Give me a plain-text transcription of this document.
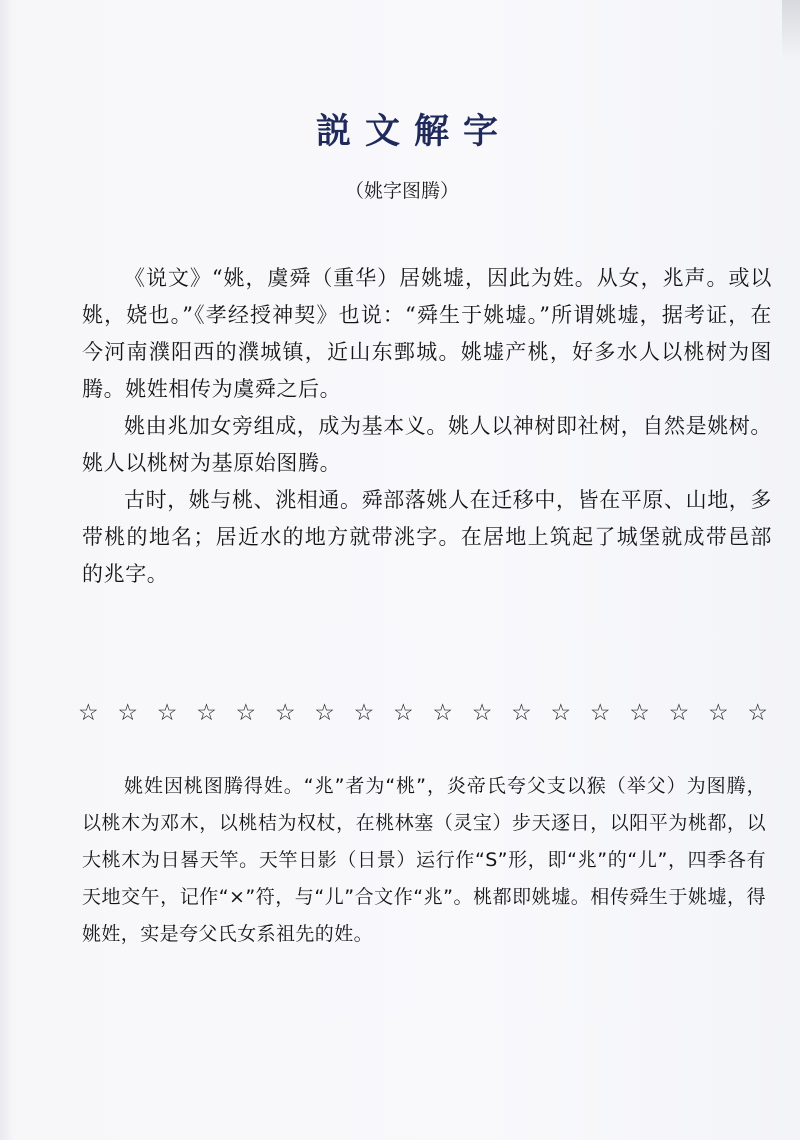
説文解字
（姚字图腾）

《说文》“姚，虞舜（重华）居姚墟，因此为姓。从女，兆声。或以姚，娆也。”《孝经授神契》也说：“舜生于姚墟。”所谓姚墟，据考证，在今河南濮阳西的濮城镇，近山东鄄城。姚墟产桃，好多水人以桃树为图腾。姚姓相传为虞舜之后。

姚由兆加女旁组成，成为基本义。姚人以神树即社树，自然是姚树。姚人以桃树为基原始图腾。

古时，姚与桃、洮相通。舜部落姚人在迁移中，皆在平原、山地，多带桃的地名；居近水的地方就带洮字。在居地上筑起了城堡就成带邑部的兆字。

☆ ☆ ☆ ☆ ☆ ☆ ☆ ☆ ☆ ☆ ☆ ☆ ☆ ☆ ☆ ☆ ☆ ☆

姚姓因桃图腾得姓。“兆”者为“桃”，炎帝氏夸父支以猴（举父）为图腾，以桃木为邓木，以桃桔为权杖，在桃林塞（灵宝）步天逐日，以阳平为桃都，以大桃木为日晷天竿。天竿日影（日景）运行作“S”形，即“兆”的“儿”，四季各有天地交午，记作“×”符，与“儿”合文作“兆”。桃都即姚墟。相传舜生于姚墟，得姚姓，实是夸父氏女系祖先的姓。
